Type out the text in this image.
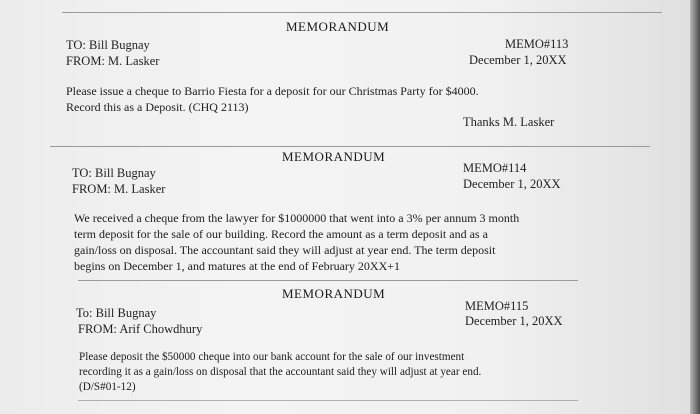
MEMORANDUM
TO: Bill Bugnay
FROM: M. Lasker
MEMO#113
December 1, 20XX
Please issue a cheque to Barrio Fiesta for a deposit for our Christmas Party for $4000.
Record this as a Deposit. (CHQ 2113)
Thanks M. Lasker
MEMORANDUM
TO: Bill Bugnay
FROM: M. Lasker
MEMO#114
December 1, 20XX
We received a cheque from the lawyer for $1000000 that went into a 3% per annum 3 month
term deposit for the sale of our building. Record the amount as a term deposit and as a
gain/loss on disposal. The accountant said they will adjust at year end. The term deposit
begins on December 1, and matures at the end of February 20XX+1
MEMORANDUM
To: Bill Bugnay
FROM: Arif Chowdhury
MEMO#115
December 1, 20XX
Please deposit the $50000 cheque into our bank account for the sale of our investment
recording it as a gain/loss on disposal that the accountant said they will adjust at year end.
(D/S#01-12)
